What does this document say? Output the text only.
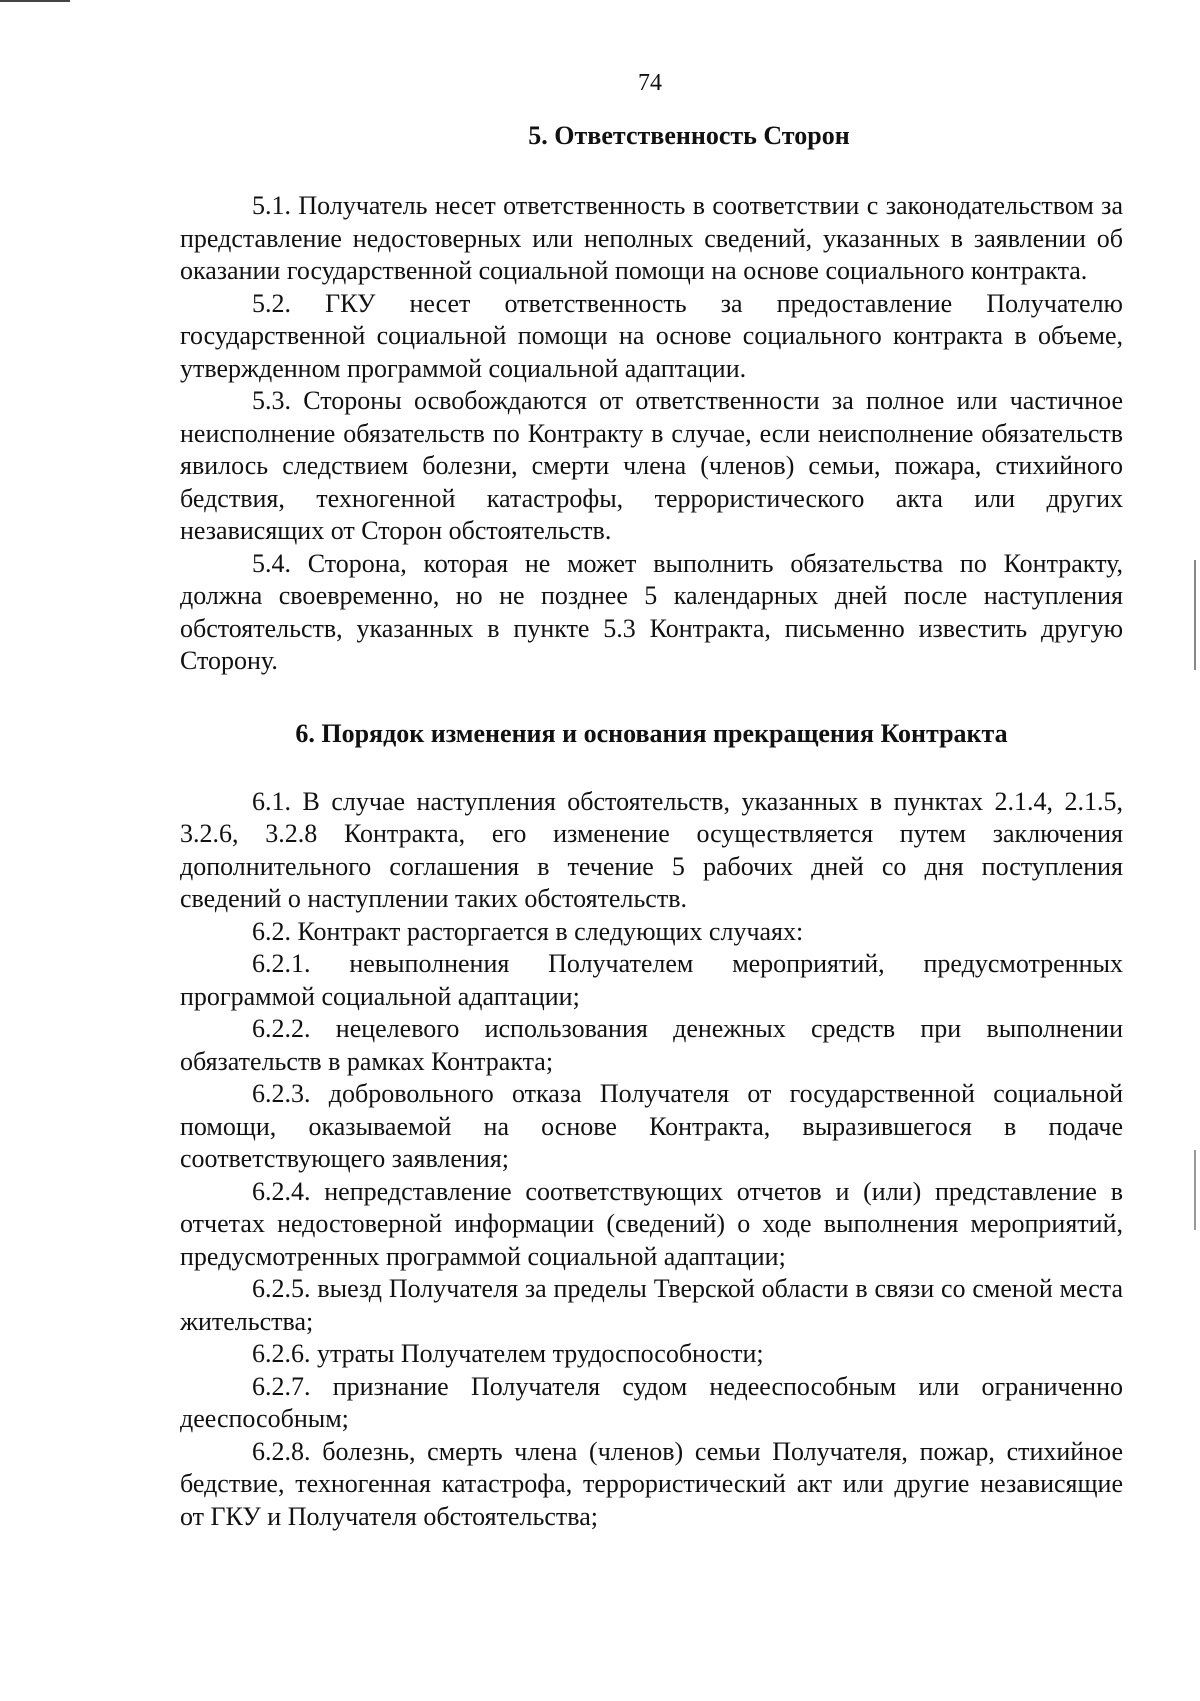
74
5. Ответственность Сторон

5.1. Получатель несет ответственность в соответствии с законодательством за представление недостоверных или неполных сведений, указанных в заявлении об оказании государственной социальной помощи на основе социального контракта.

5.2. ГКУ несет ответственность за предоставление Получателю государственной социальной помощи на основе социального контракта в объеме, утвержденном программой социальной адаптации.

5.3. Стороны освобождаются от ответственности за полное или частичное неисполнение обязательств по Контракту в случае, если неисполнение обязательств явилось следствием болезни, смерти члена (членов) семьи, пожара, стихийного бедствия, техногенной катастрофы, террористического акта или других независящих от Сторон обстоятельств.

5.4. Сторона, которая не может выполнить обязательства по Контракту, должна своевременно, но не позднее 5 календарных дней после наступления обстоятельств, указанных в пункте 5.3 Контракта, письменно известить другую Сторону.

6. Порядок изменения и основания прекращения Контракта

6.1. В случае наступления обстоятельств, указанных в пунктах 2.1.4, 2.1.5, 3.2.6, 3.2.8 Контракта, его изменение осуществляется путем заключения дополнительного соглашения в течение 5 рабочих дней со дня поступления сведений о наступлении таких обстоятельств.

6.2. Контракт расторгается в следующих случаях:

6.2.1. невыполнения Получателем мероприятий, предусмотренных программой социальной адаптации;

6.2.2. нецелевого использования денежных средств при выполнении обязательств в рамках Контракта;

6.2.3. добровольного отказа Получателя от государственной социальной помощи, оказываемой на основе Контракта, выразившегося в подаче соответствующего заявления;

6.2.4. непредставление соответствующих отчетов и (или) представление в отчетах недостоверной информации (сведений) о ходе выполнения мероприятий, предусмотренных программой социальной адаптации;

6.2.5. выезд Получателя за пределы Тверской области в связи со сменой места жительства;

6.2.6. утраты Получателем трудоспособности;

6.2.7. признание Получателя судом недееспособным или ограниченно дееспособным;

6.2.8. болезнь, смерть члена (членов) семьи Получателя, пожар, стихийное бедствие, техногенная катастрофа, террористический акт или другие независящие от ГКУ и Получателя обстоятельства;
